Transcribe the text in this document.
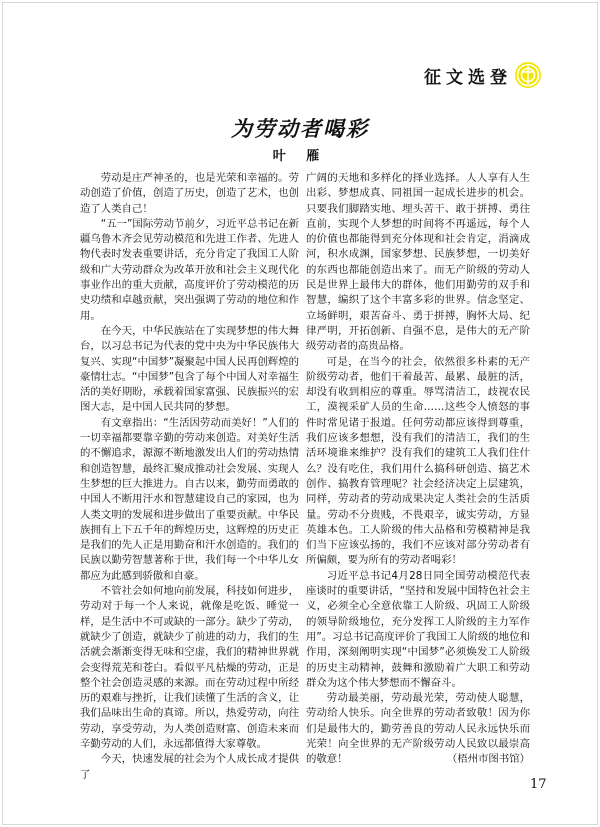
征文选登
为劳动者喝彩
叶 雁

劳动是庄严神圣的，也是光荣和幸福的。劳动创造了价值，创造了历史，创造了艺术，也创造了人类自己！

“五一”国际劳动节前夕，习近平总书记在新疆乌鲁木齐会见劳动模范和先进工作者、先进人物代表时发表重要讲话，充分肯定了我国工人阶级和广大劳动群众为改革开放和社会主义现代化事业作出的重大贡献，高度评价了劳动模范的历史功绩和卓越贡献，突出强调了劳动的地位和作用。

在今天，中华民族站在了实现梦想的伟大舞台，以习总书记为代表的党中央为中华民族伟大复兴、实现“中国梦”凝聚起中国人民再创辉煌的豪情壮志。“中国梦”包含了每个中国人对幸福生活的美好期盼，承载着国家富强、民族振兴的宏图大志，是中国人民共同的梦想。

有文章指出：“生活因劳动而美好！”人们的一切幸福都要靠辛勤的劳动来创造。对美好生活的不懈追求，源源不断地激发出人们的劳动热情和创造智慧，最终汇聚成推动社会发展、实现人生梦想的巨大推进力。自古以来，勤劳而勇敢的中国人不断用汗水和智慧建设自己的家园，也为人类文明的发展和进步做出了重要贡献。中华民族拥有上下五千年的辉煌历史，这辉煌的历史正是我们的先人正是用勤奋和汗水创造的。我们的民族以勤劳智慧著称于世，我们每一个中华儿女都应为此感到骄傲和自豪。

不管社会如何地向前发展，科技如何进步，劳动对于每一个人来说，就像是吃饭、睡觉一样，是生活中不可或缺的一部分。缺少了劳动，就缺少了创造，就缺少了前进的动力，我们的生活就会渐渐变得无味和空虚，我们的精神世界就会变得荒芜和苍白。看似平凡枯燥的劳动，正是整个社会创造灵感的来源。而在劳动过程中所经历的艰难与挫折，让我们读懂了生活的含义，让我们品味出生命的真谛。所以，热爱劳动，向往劳动，享受劳动，为人类创造财富、创造未来而辛勤劳动的人们，永远都值得大家尊敬。

今天，快速发展的社会为个人成长成才提供了

广阔的天地和多样化的择业选择。人人享有人生出彩、梦想成真、同祖国一起成长进步的机会。只要我们脚踏实地、埋头苦干、敢于拼搏、勇往直前，实现个人梦想的时间将不再遥远，每个人的价值也都能得到充分体现和社会肯定，涓滴成河，积水成渊，国家梦想、民族梦想，一切美好的东西也都能创造出来了。而无产阶级的劳动人民是世界上最伟大的群体，他们用勤劳的双手和智慧，编织了这个丰富多彩的世界。信念坚定、立场鲜明，艰苦奋斗、勇于拼搏，胸怀大局、纪律严明，开拓创新、自强不息，是伟大的无产阶级劳动者的高贵品格。

可是，在当今的社会，依然很多朴素的无产阶级劳动者，他们干着最苦、最累、最脏的活，却没有收到相应的尊重。辱骂清洁工，歧视农民工，漠视采矿人员的生命……这些令人愤怒的事件时常见诸于报道。任何劳动都应该得到尊重，我们应该多想想，没有我们的清洁工，我们的生活环境谁来维护？没有我们的建筑工人我们住什么？没有吃住，我们用什么搞科研创造、搞艺术创作、搞教育管理呢？社会经济决定上层建筑，同样，劳动者的劳动成果决定人类社会的生活质量。劳动不分贵贱，不畏艰辛，诚实劳动，方显英雄本色。工人阶级的伟大品格和劳模精神是我们当下应该弘扬的，我们不应该对部分劳动者有所偏颇，要为所有的劳动者喝彩！

习近平总书记4月28日同全国劳动模范代表座谈时的重要讲话，“坚持和发展中国特色社会主义，必须全心全意依靠工人阶级、巩固工人阶级的领导阶级地位，充分发挥工人阶级的主力军作用”。习总书记高度评价了我国工人阶级的地位和作用，深刻阐明实现“中国梦”必须焕发工人阶级的历史主动精神，鼓舞和激励着广大职工和劳动群众为这个伟大梦想而不懈奋斗。

劳动最美丽，劳动最光荣，劳动使人聪慧，劳动给人快乐。向全世界的劳动者致敬！因为你们是最伟大的，勤劳善良的劳动人民永远快乐而光荣！向全世界的无产阶级劳动人民致以最崇高的敬意！	（梧州市图书馆）

17
